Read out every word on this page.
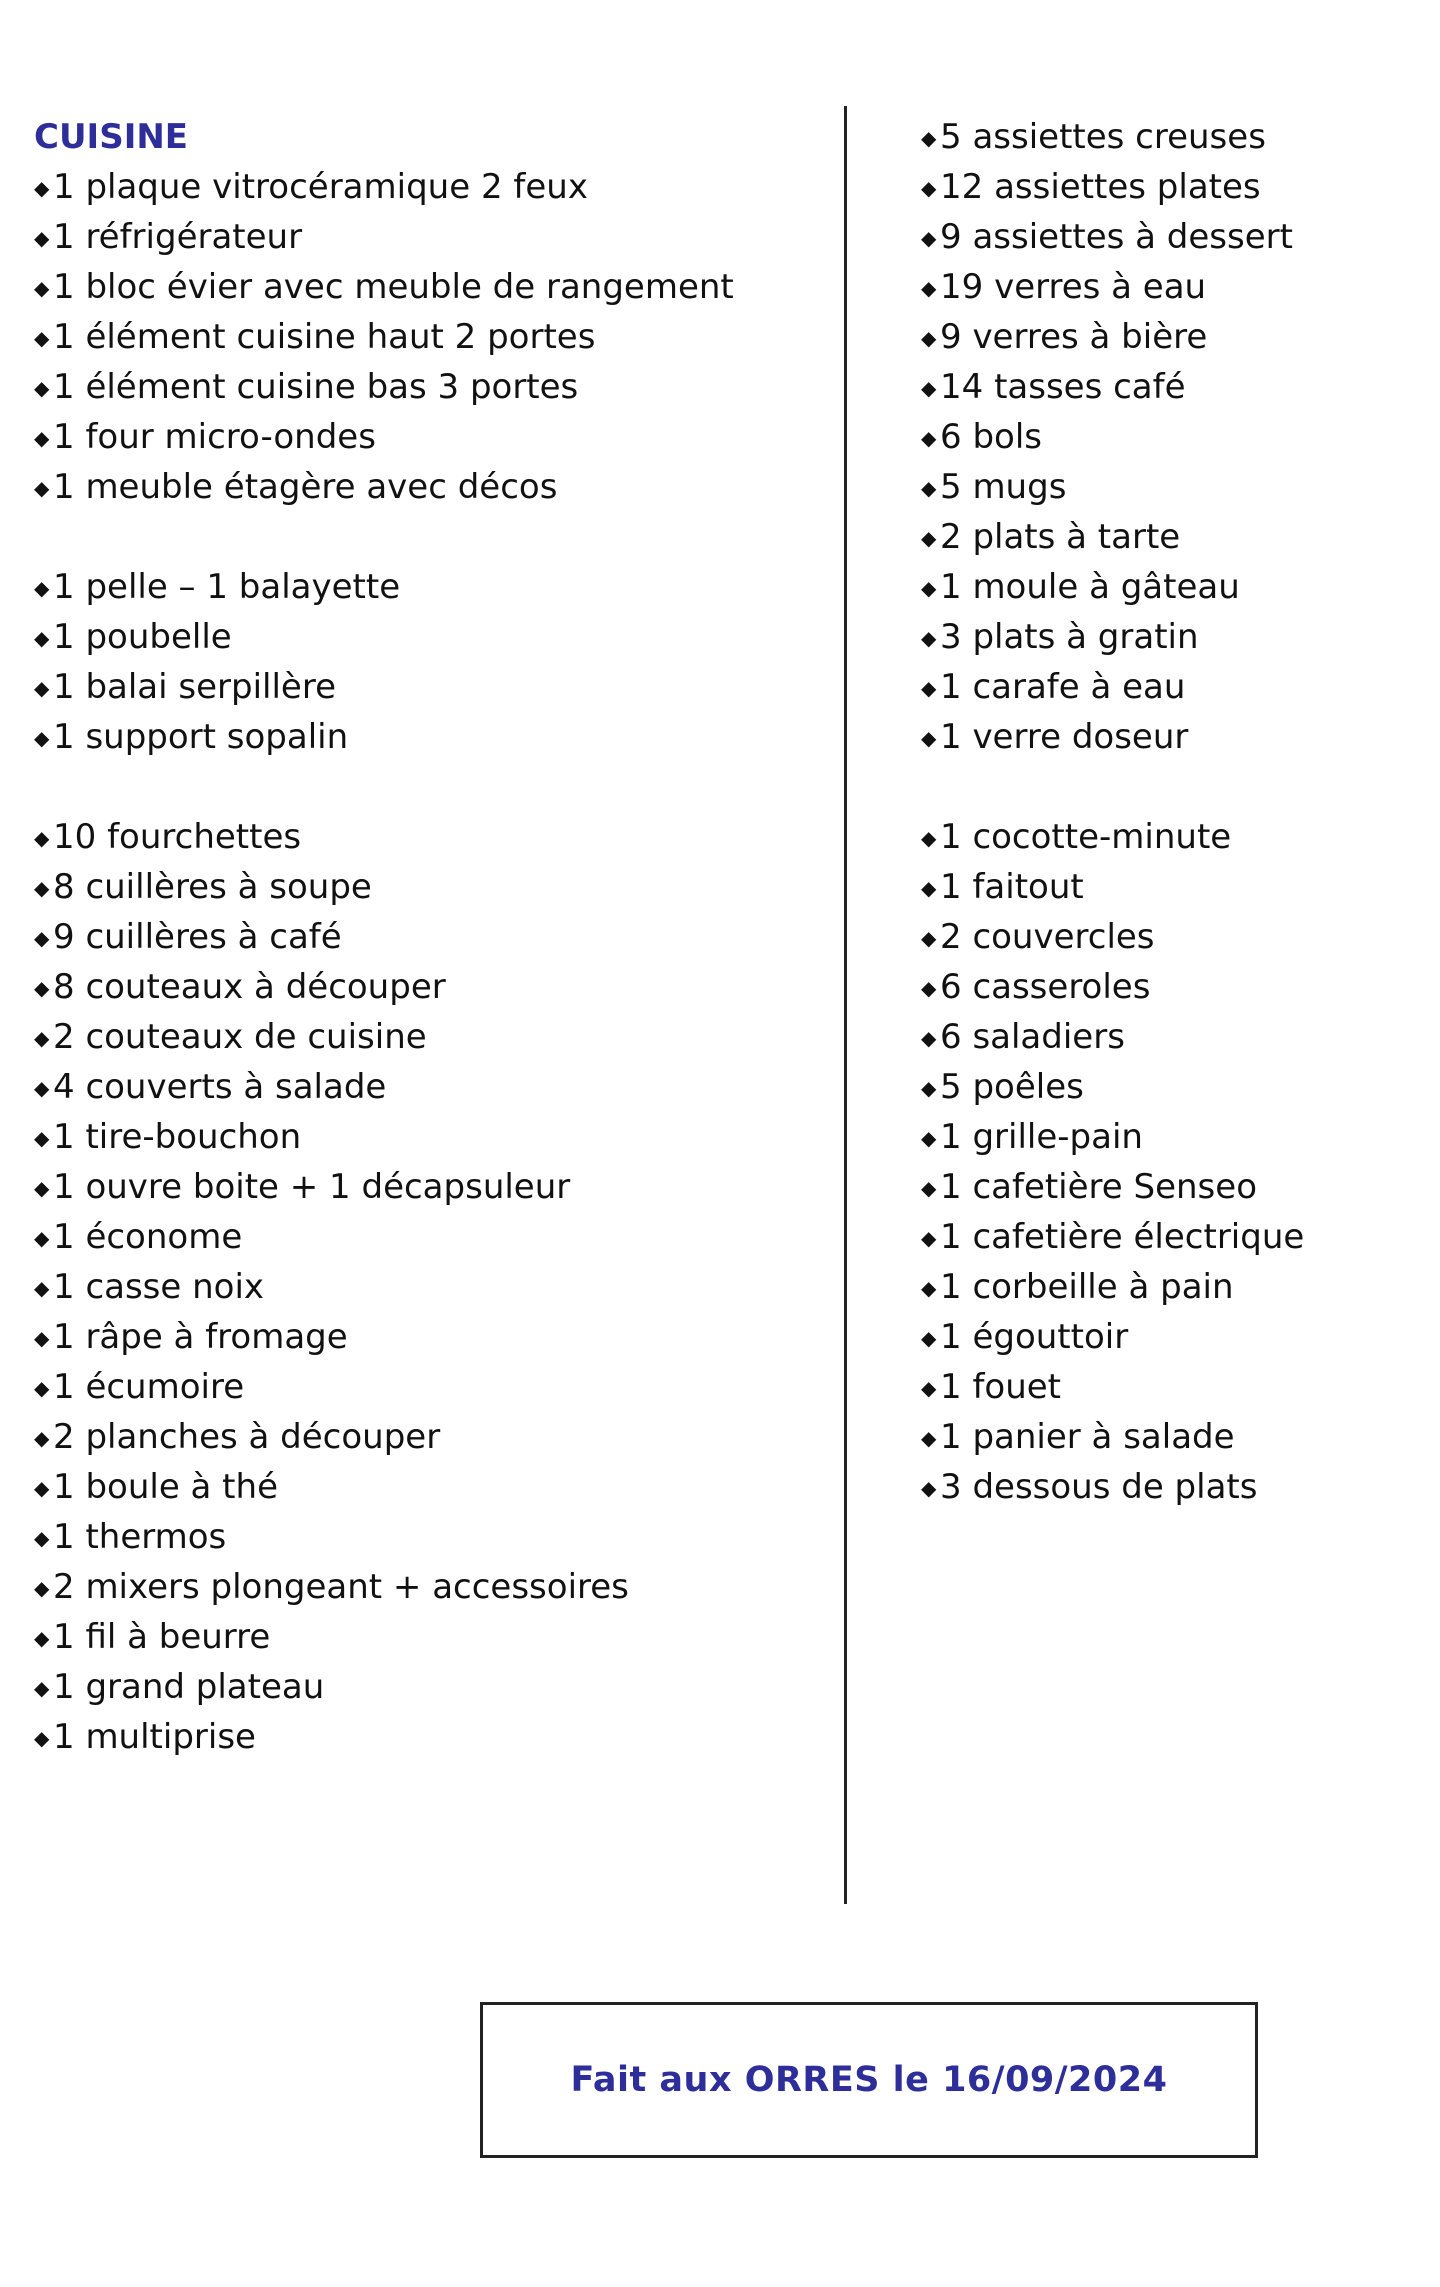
CUISINE
◆ 1 plaque vitrocéramique 2 feux
◆ 1 réfrigérateur
◆ 1 bloc évier avec meuble de rangement
◆ 1 élément cuisine haut 2 portes
◆ 1 élément cuisine bas 3 portes
◆ 1 four micro-ondes
◆ 1 meuble étagère avec décos
◆ 1 pelle – 1 balayette
◆ 1 poubelle
◆ 1 balai serpillère
◆ 1 support sopalin
◆ 10 fourchettes
◆ 8 cuillères à soupe
◆ 9 cuillères à café
◆ 8 couteaux à découper
◆ 2 couteaux de cuisine
◆ 4 couverts à salade
◆ 1 tire-bouchon
◆ 1 ouvre boite + 1 décapsuleur
◆ 1 économe
◆ 1 casse noix
◆ 1 râpe à fromage
◆ 1 écumoire
◆ 2 planches à découper
◆ 1 boule à thé
◆ 1 thermos
◆ 2 mixers plongeant + accessoires
◆ 1 fil à beurre
◆ 1 grand plateau
◆ 1 multiprise
◆ 5 assiettes creuses
◆ 12 assiettes plates
◆ 9 assiettes à dessert
◆ 19 verres à eau
◆ 9 verres à bière
◆ 14 tasses café
◆ 6 bols
◆ 5 mugs
◆ 2 plats à tarte
◆ 1 moule à gâteau
◆ 3 plats à gratin
◆ 1 carafe à eau
◆ 1 verre doseur
◆ 1 cocotte-minute
◆ 1 faitout
◆ 2 couvercles
◆ 6 casseroles
◆ 6 saladiers
◆ 5 poêles
◆ 1 grille-pain
◆ 1 cafetière Senseo
◆ 1 cafetière électrique
◆ 1 corbeille à pain
◆ 1 égouttoir
◆ 1 fouet
◆ 1 panier à salade
◆ 3 dessous de plats
Fait aux ORRES le 16/09/2024
